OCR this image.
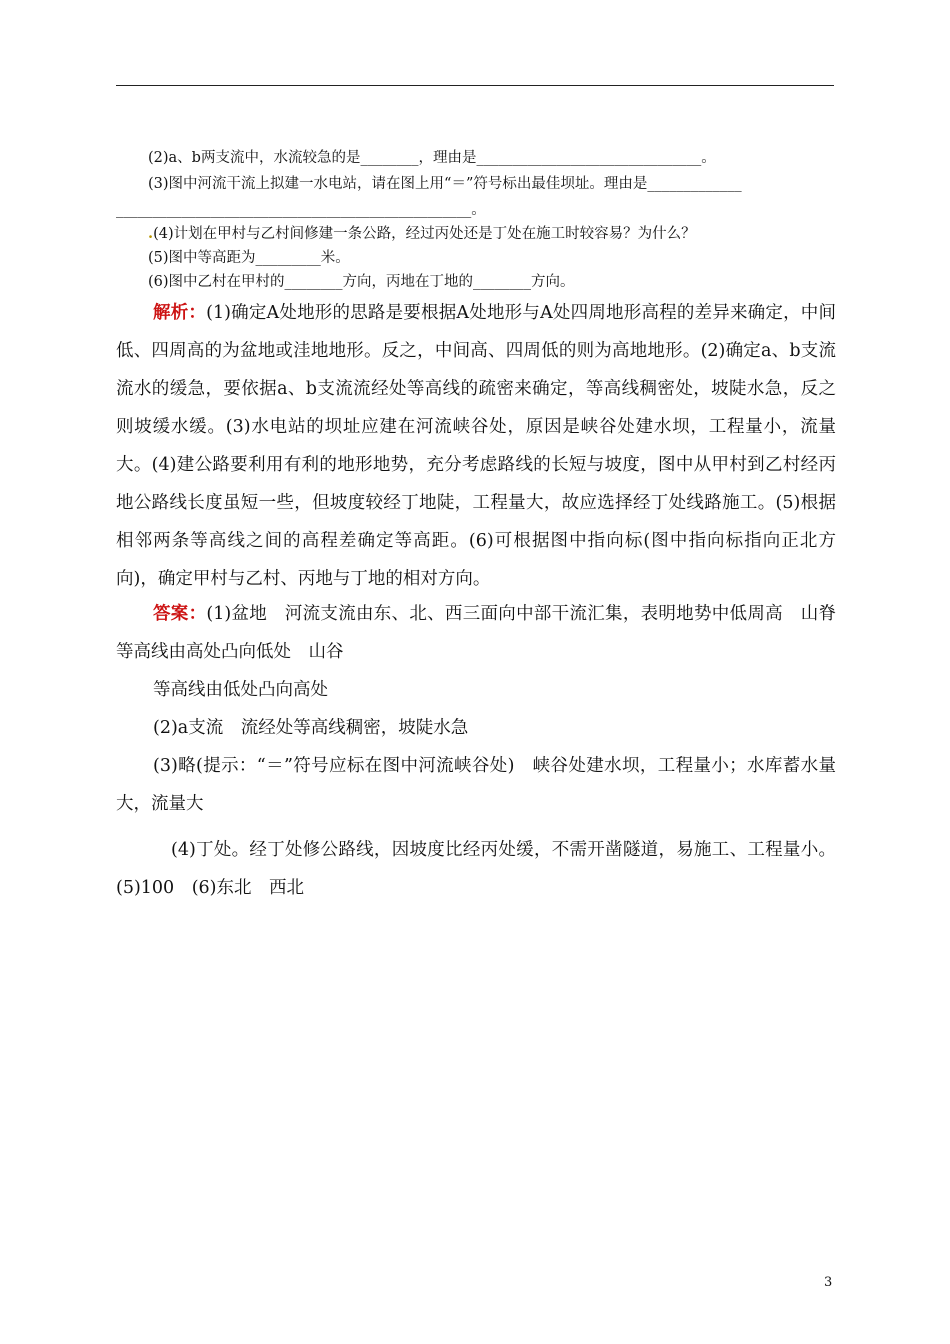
(2)a、b两支流中，水流较急的是________，理由是_______________________________。
(3)图中河流干流上拟建一水电站，请在图上用“＝”符号标出最佳坝址。理由是_____________
_________________________________________________。
.(4)计划在甲村与乙村间修建一条公路，经过丙处还是丁处在施工时较容易？为什么？
(5)图中等高距为_________米。
(6)图中乙村在甲村的________方向，丙地在丁地的________方向。

解析：(1)确定A处地形的思路是要根据A处地形与A处四周地形高程的差异来确定，中间低、四周高的为盆地或洼地地形。反之，中间高、四周低的则为高地地形。(2)确定a、b支流流水的缓急，要依据a、b支流流经处等高线的疏密来确定，等高线稠密处，坡陡水急，反之则坡缓水缓。(3)水电站的坝址应建在河流峡谷处，原因是峡谷处建水坝，工程量小，流量大。(4)建公路要利用有利的地形地势，充分考虑路线的长短与坡度，图中从甲村到乙村经丙地公路线长度虽短一些，但坡度较经丁地陡，工程量大，故应选择经丁处线路施工。(5)根据相邻两条等高线之间的高程差确定等高距。(6)可根据图中指向标(图中指向标指向正北方向)，确定甲村与乙村、丙地与丁地的相对方向。

答案：(1)盆地　河流支流由东、北、西三面向中部干流汇集，表明地势中低周高　山脊　等高线由高处凸向低处　山谷

等高线由低处凸向高处

(2)a支流　流经处等高线稠密，坡陡水急

(3)略(提示：“＝”符号应标在图中河流峡谷处)　峡谷处建水坝，工程量小；水库蓄水量大，流量大

(4)丁处。经丁处修公路线，因坡度比经丙处缓，不需开凿隧道，易施工、工程量小。(5)100　(6)东北　西北

3
